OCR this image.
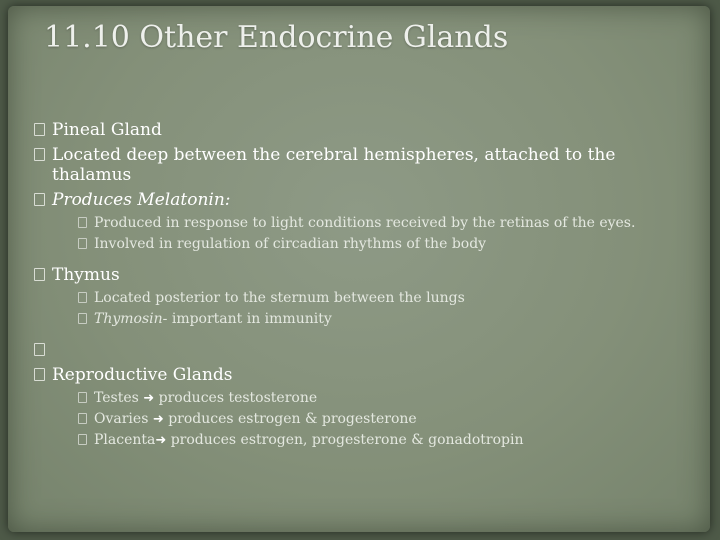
11.10 Other Endocrine Glands
Pineal Gland
Located deep between the cerebral hemispheres, attached to the thalamus
Produces Melatonin:
Produced in response to light conditions received by the retinas of the eyes.
Involved in regulation of circadian rhythms of the body
Thymus
Located posterior to the sternum between the lungs
Thymosin- important in immunity
Reproductive Glands
Testes ➜ produces testosterone
Ovaries ➜ produces estrogen & progesterone
Placenta➜ produces estrogen, progesterone & gonadotropin
